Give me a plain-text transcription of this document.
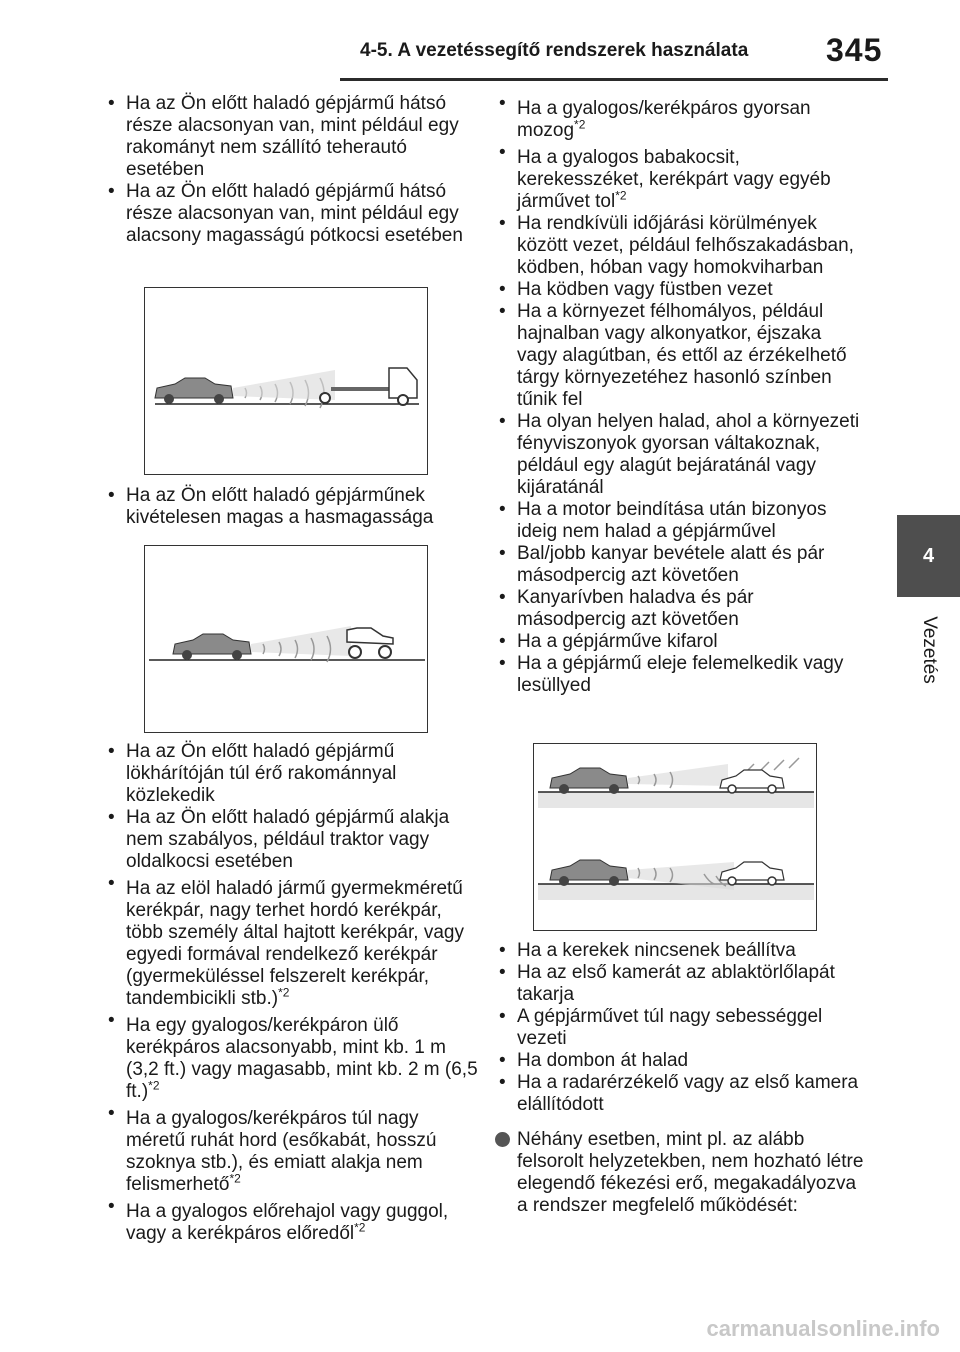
4-5. A vezetéssegítő rendszerek használata 345
4
Vezetés
• Ha az Ön előtt haladó gépjármű hátsó része alacsonyan van, mint például egy rakományt nem szállító teherautó esetében
• Ha az Ön előtt haladó gépjármű hátsó része alacsonyan van, mint például egy alacsony magasságú pótkocsi esetében
• Ha az Ön előtt haladó gépjárműnek kivételesen magas a hasmagassága
• Ha az Ön előtt haladó gépjármű lökhárítóján túl érő rakománnyal közlekedik
• Ha az Ön előtt haladó gépjármű alakja nem szabályos, például traktor vagy oldalkocsi esetében
• Ha az elöl haladó jármű gyermekméretű kerékpár, nagy terhet hordó kerékpár, több személy által hajtott kerékpár, vagy egyedi formával rendelkező kerékpár (gyermeküléssel felszerelt kerékpár, tandembicikli stb.)$^{*2}$
• Ha egy gyalogos/kerékpáron ülő kerékpáros alacsonyabb, mint kb. 1 m (3,2 ft.) vagy magasabb, mint kb. 2 m (6,5 ft.)$^{*2}$
• Ha a gyalogos/kerékpáros túl nagy méretű ruhát hord (esőkabát, hosszú szoknya stb.), és emiatt alakja nem felismerhető$^{*2}$
• Ha a gyalogos előrehajol vagy guggol, vagy a kerékpáros előredől$^{*2}$
• Ha a gyalogos/kerékpáros gyorsan mozog$^{*2}$
• Ha a gyalogos babakocsit, kerekesszéket, kerékpárt vagy egyéb járművet tol$^{*2}$
• Ha rendkívüli időjárási körülmények között vezet, például felhőszakadásban, ködben, hóban vagy homokviharban
• Ha ködben vagy füstben vezet
• Ha a környezet félhomályos, például hajnalban vagy alkonyatkor, éjszaka vagy alagútban, és ettől az érzékelhető tárgy környezetéhez hasonló színben tűnik fel
• Ha olyan helyen halad, ahol a környezeti fényviszonyok gyorsan váltakoznak, például egy alagút bejáratánál vagy kijáratánál
• Ha a motor beindítása után bizonyos ideig nem halad a gépjárművel
• Bal/jobb kanyar bevétele alatt és pár másodpercig azt követően
• Kanyarívben haladva és pár másodpercig azt követően
• Ha a gépjárműve kifarol
• Ha a gépjármű eleje felemelkedik vagy lesüllyed
• Ha a kerekek nincsenek beállítva
• Ha az első kamerát az ablaktörlőlapát takarja
• A gépjárművet túl nagy sebességgel vezeti
• Ha dombon át halad
• Ha a radarérzékelő vagy az első kamera elállítódott
Néhány esetben, mint pl. az alább felsorolt helyzetekben, nem hozható létre elegendő fékezési erő, megakadályozva a rendszer megfelelő működését:
carmanualsonline.info
